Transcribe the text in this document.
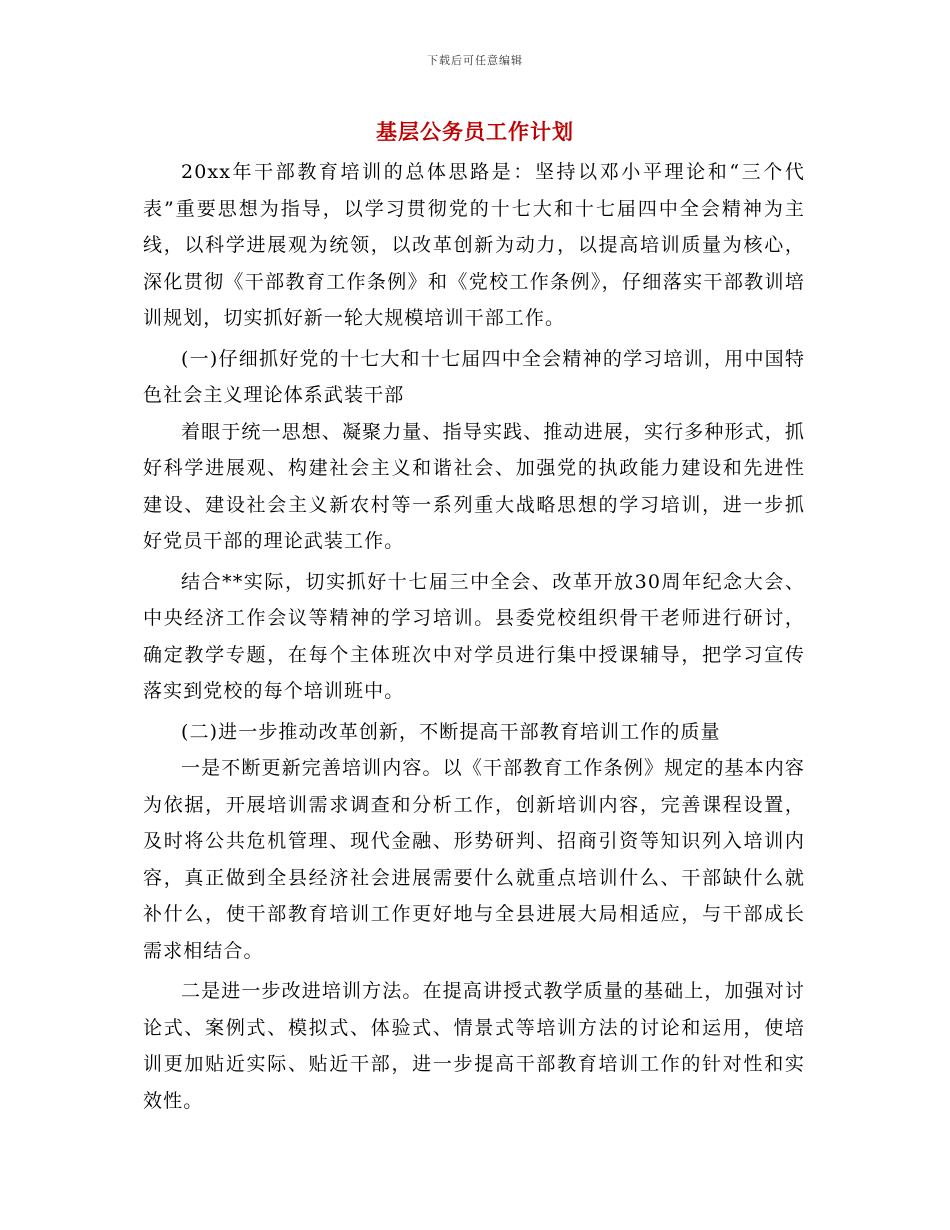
下载后可任意编辑
基层公务员工作计划

20xx年干部教育培训的总体思路是：坚持以邓小平理论和“三个代表”重要思想为指导，以学习贯彻党的十七大和十七届四中全会精神为主线，以科学进展观为统领，以改革创新为动力，以提高培训质量为核心，深化贯彻《干部教育工作条例》和《党校工作条例》，仔细落实干部教训培训规划，切实抓好新一轮大规模培训干部工作。

(一)仔细抓好党的十七大和十七届四中全会精神的学习培训，用中国特色社会主义理论体系武装干部

着眼于统一思想、凝聚力量、指导实践、推动进展，实行多种形式，抓好科学进展观、构建社会主义和谐社会、加强党的执政能力建设和先进性建设、建设社会主义新农村等一系列重大战略思想的学习培训，进一步抓好党员干部的理论武装工作。

结合**实际，切实抓好十七届三中全会、改革开放30周年纪念大会、中央经济工作会议等精神的学习培训。县委党校组织骨干老师进行研讨，确定教学专题，在每个主体班次中对学员进行集中授课辅导，把学习宣传落实到党校的每个培训班中。

(二)进一步推动改革创新，不断提高干部教育培训工作的质量

一是不断更新完善培训内容。以《干部教育工作条例》规定的基本内容为依据，开展培训需求调查和分析工作，创新培训内容，完善课程设置，及时将公共危机管理、现代金融、形势研判、招商引资等知识列入培训内容，真正做到全县经济社会进展需要什么就重点培训什么、干部缺什么就补什么，使干部教育培训工作更好地与全县进展大局相适应，与干部成长需求相结合。

二是进一步改进培训方法。在提高讲授式教学质量的基础上，加强对讨论式、案例式、模拟式、体验式、情景式等培训方法的讨论和运用，使培训更加贴近实际、贴近干部，进一步提高干部教育培训工作的针对性和实效性。
